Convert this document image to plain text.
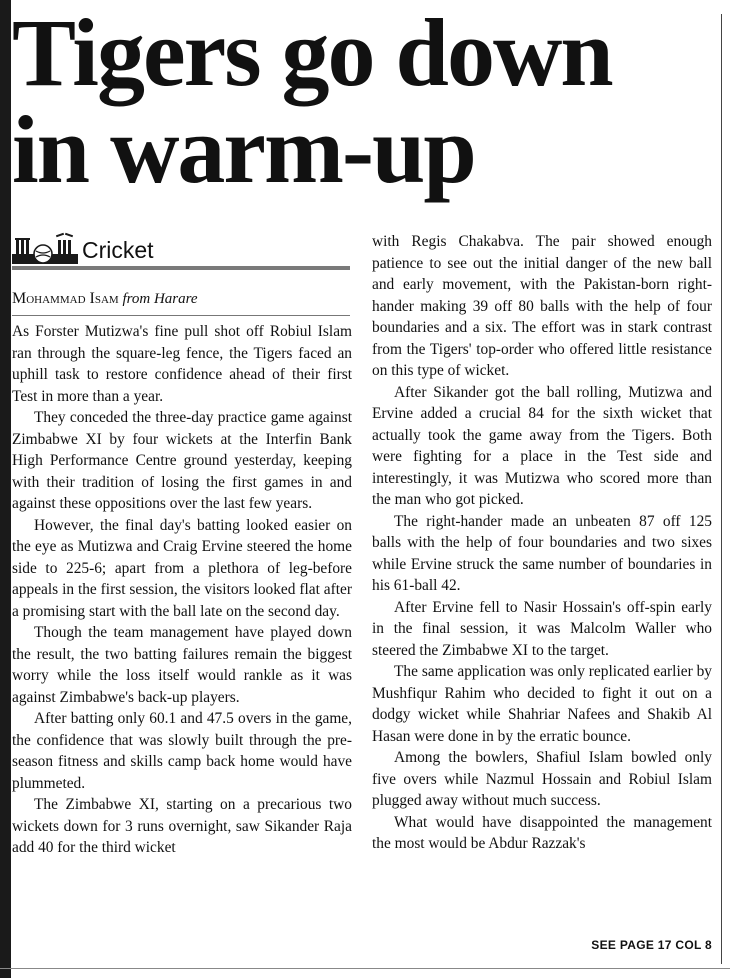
Tigers go down
in warm-up
Cricket
Mohammad Isam from Harare

As Forster Mutizwa's fine pull shot off Robiul Islam ran through the square-leg fence, the Tigers faced an uphill task to restore confidence ahead of their first Test in more than a year.

They conceded the three-day practice game against Zimbabwe XI by four wickets at the Interfin Bank High Performance Centre ground yesterday, keeping with their tradition of losing the first games in and against these oppositions over the last few years.

However, the final day's batting looked easier on the eye as Mutizwa and Craig Ervine steered the home side to 225-6; apart from a plethora of leg-before appeals in the first session, the visitors looked flat after a promising start with the ball late on the second day.

Though the team management have played down the result, the two batting failures remain the biggest worry while the loss itself would rankle as it was against Zimbabwe's back-up players.

After batting only 60.1 and 47.5 overs in the game, the confidence that was slowly built through the pre-season fitness and skills camp back home would have plummeted.

The Zimbabwe XI, starting on a precarious two wickets down for 3 runs overnight, saw Sikander Raja add 40 for the third wicket

with Regis Chakabva. The pair showed enough patience to see out the initial danger of the new ball and early movement, with the Pakistan-born right-hander making 39 off 80 balls with the help of four boundaries and a six. The effort was in stark contrast from the Tigers' top-order who offered little resistance on this type of wicket.

After Sikander got the ball rolling, Mutizwa and Ervine added a crucial 84 for the sixth wicket that actually took the game away from the Tigers. Both were fighting for a place in the Test side and interestingly, it was Mutizwa who scored more than the man who got picked.

The right-hander made an unbeaten 87 off 125 balls with the help of four boundaries and two sixes while Ervine struck the same number of boundaries in his 61-ball 42.

After Ervine fell to Nasir Hossain's off-spin early in the final session, it was Malcolm Waller who steered the Zimbabwe XI to the target.

The same application was only replicated earlier by Mushfiqur Rahim who decided to fight it out on a dodgy wicket while Shahriar Nafees and Shakib Al Hasan were done in by the erratic bounce.

Among the bowlers, Shafiul Islam bowled only five overs while Nazmul Hossain and Robiul Islam plugged away without much success.

What would have disappointed the management the most would be Abdur Razzak's

SEE PAGE 17 COL 8
